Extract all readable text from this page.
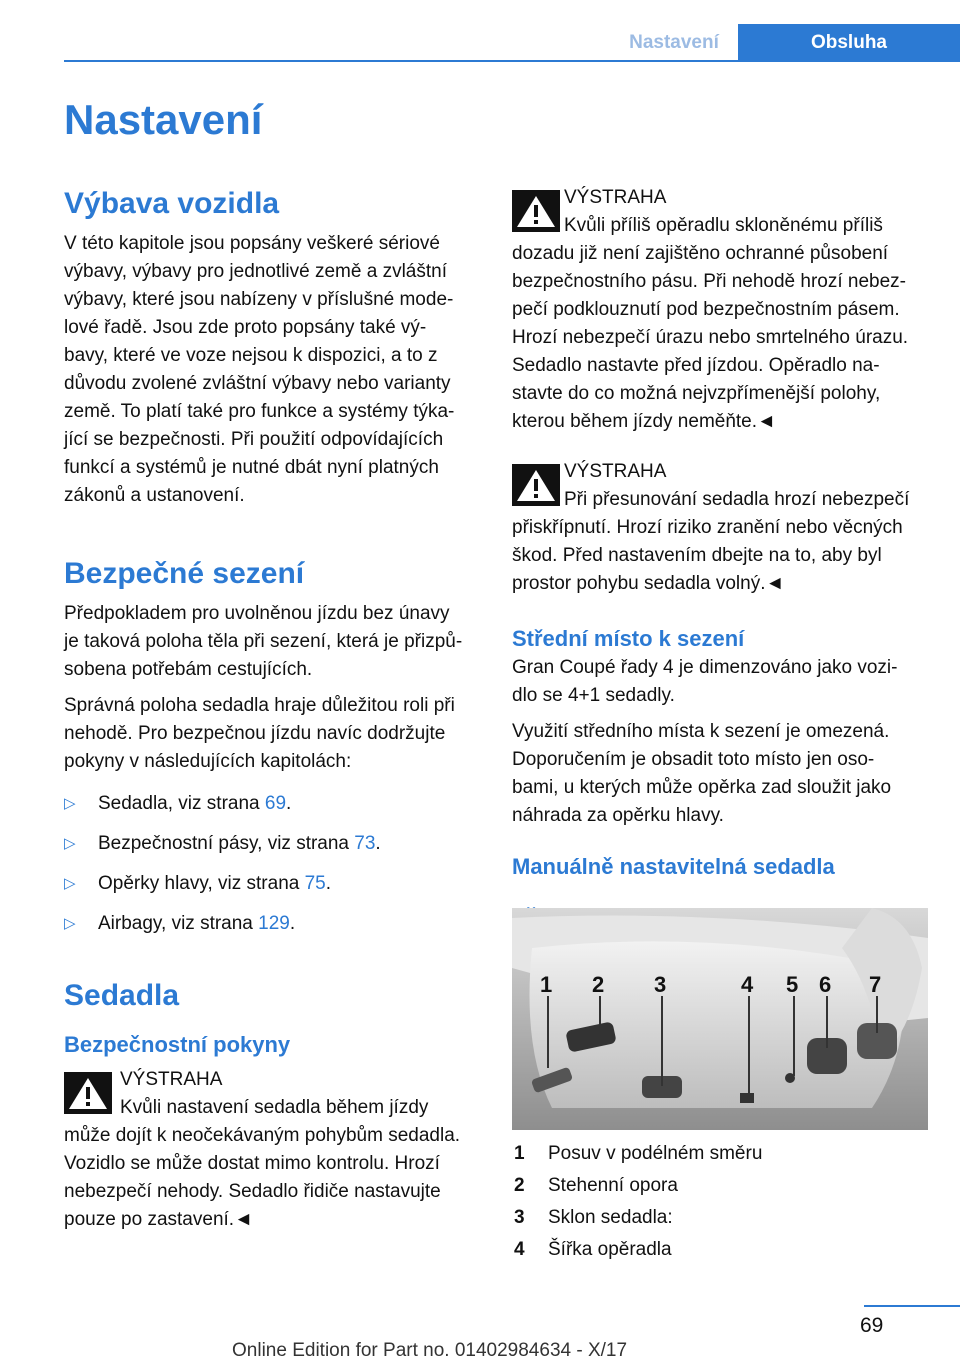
Nastavení	Obsluha
Nastavení
Výbava vozidla
V této kapitole jsou popsány veškeré sériové
výbavy, výbavy pro jednotlivé země a zvláštní
výbavy, které jsou nabízeny v příslušné mode-
lové řadě. Jsou zde proto popsány také vý-
bavy, které ve voze nejsou k dispozici, a to z
důvodu zvolené zvláštní výbavy nebo varianty
země. To platí také pro funkce a systémy týka-
jící se bezpečnosti. Při použití odpovídajících
funkcí a systémů je nutné dbát nyní platných
zákonů a ustanovení.
Bezpečné sezení
Předpokladem pro uvolněnou jízdu bez únavy
je taková poloha těla při sezení, která je přizpů-
sobena potřebám cestujících.
Správná poloha sedadla hraje důležitou roli při
nehodě. Pro bezpečnou jízdu navíc dodržujte
pokyny v následujících kapitolách:
▷ Sedadla, viz strana 69.
▷ Bezpečnostní pásy, viz strana 73.
▷ Opěrky hlavy, viz strana 75.
▷ Airbagy, viz strana 129.
Sedadla
Bezpečnostní pokyny
VÝSTRAHA
Kvůli nastavení sedadla během jízdy
může dojít k neočekávaným pohybům sedadla.
Vozidlo se může dostat mimo kontrolu. Hrozí
nebezpečí nehody. Sedadlo řidiče nastavujte
pouze po zastavení.◄
VÝSTRAHA
Kvůli příliš opěradlu skloněnému příliš
dozadu již není zajištěno ochranné působení
bezpečnostního pásu. Při nehodě hrozí nebez-
pečí podklouznutí pod bezpečnostním pásem.
Hrozí nebezpečí úrazu nebo smrtelného úrazu.
Sedadlo nastavte před jízdou. Opěradlo na-
stavte do co možná nejvzpřímenější polohy,
kterou během jízdy neměňte.◄
VÝSTRAHA
Při přesunování sedadla hrozí nebezpečí
přiskřípnutí. Hrozí riziko zranění nebo věcných
škod. Před nastavením dbejte na to, aby byl
prostor pohybu sedadla volný.◄
Střední místo k sezení
Gran Coupé řady 4 je dimenzováno jako vozi-
dlo se 4+1 sedadly.
Využití středního místa k sezení je omezená.
Doporučením je obsadit toto místo jen oso-
bami, u kterých může opěrka zad sloužit jako
náhrada za opěrku hlavy.
Manuálně nastavitelná sedadla
1 2 3	4 5 6 7
1	Posuv v podélném směru
2	Stehenní opora
3	Sklon sedadla:
4	Šířka opěradla
69
Online Edition for Part no. 01402984634 - X/17
